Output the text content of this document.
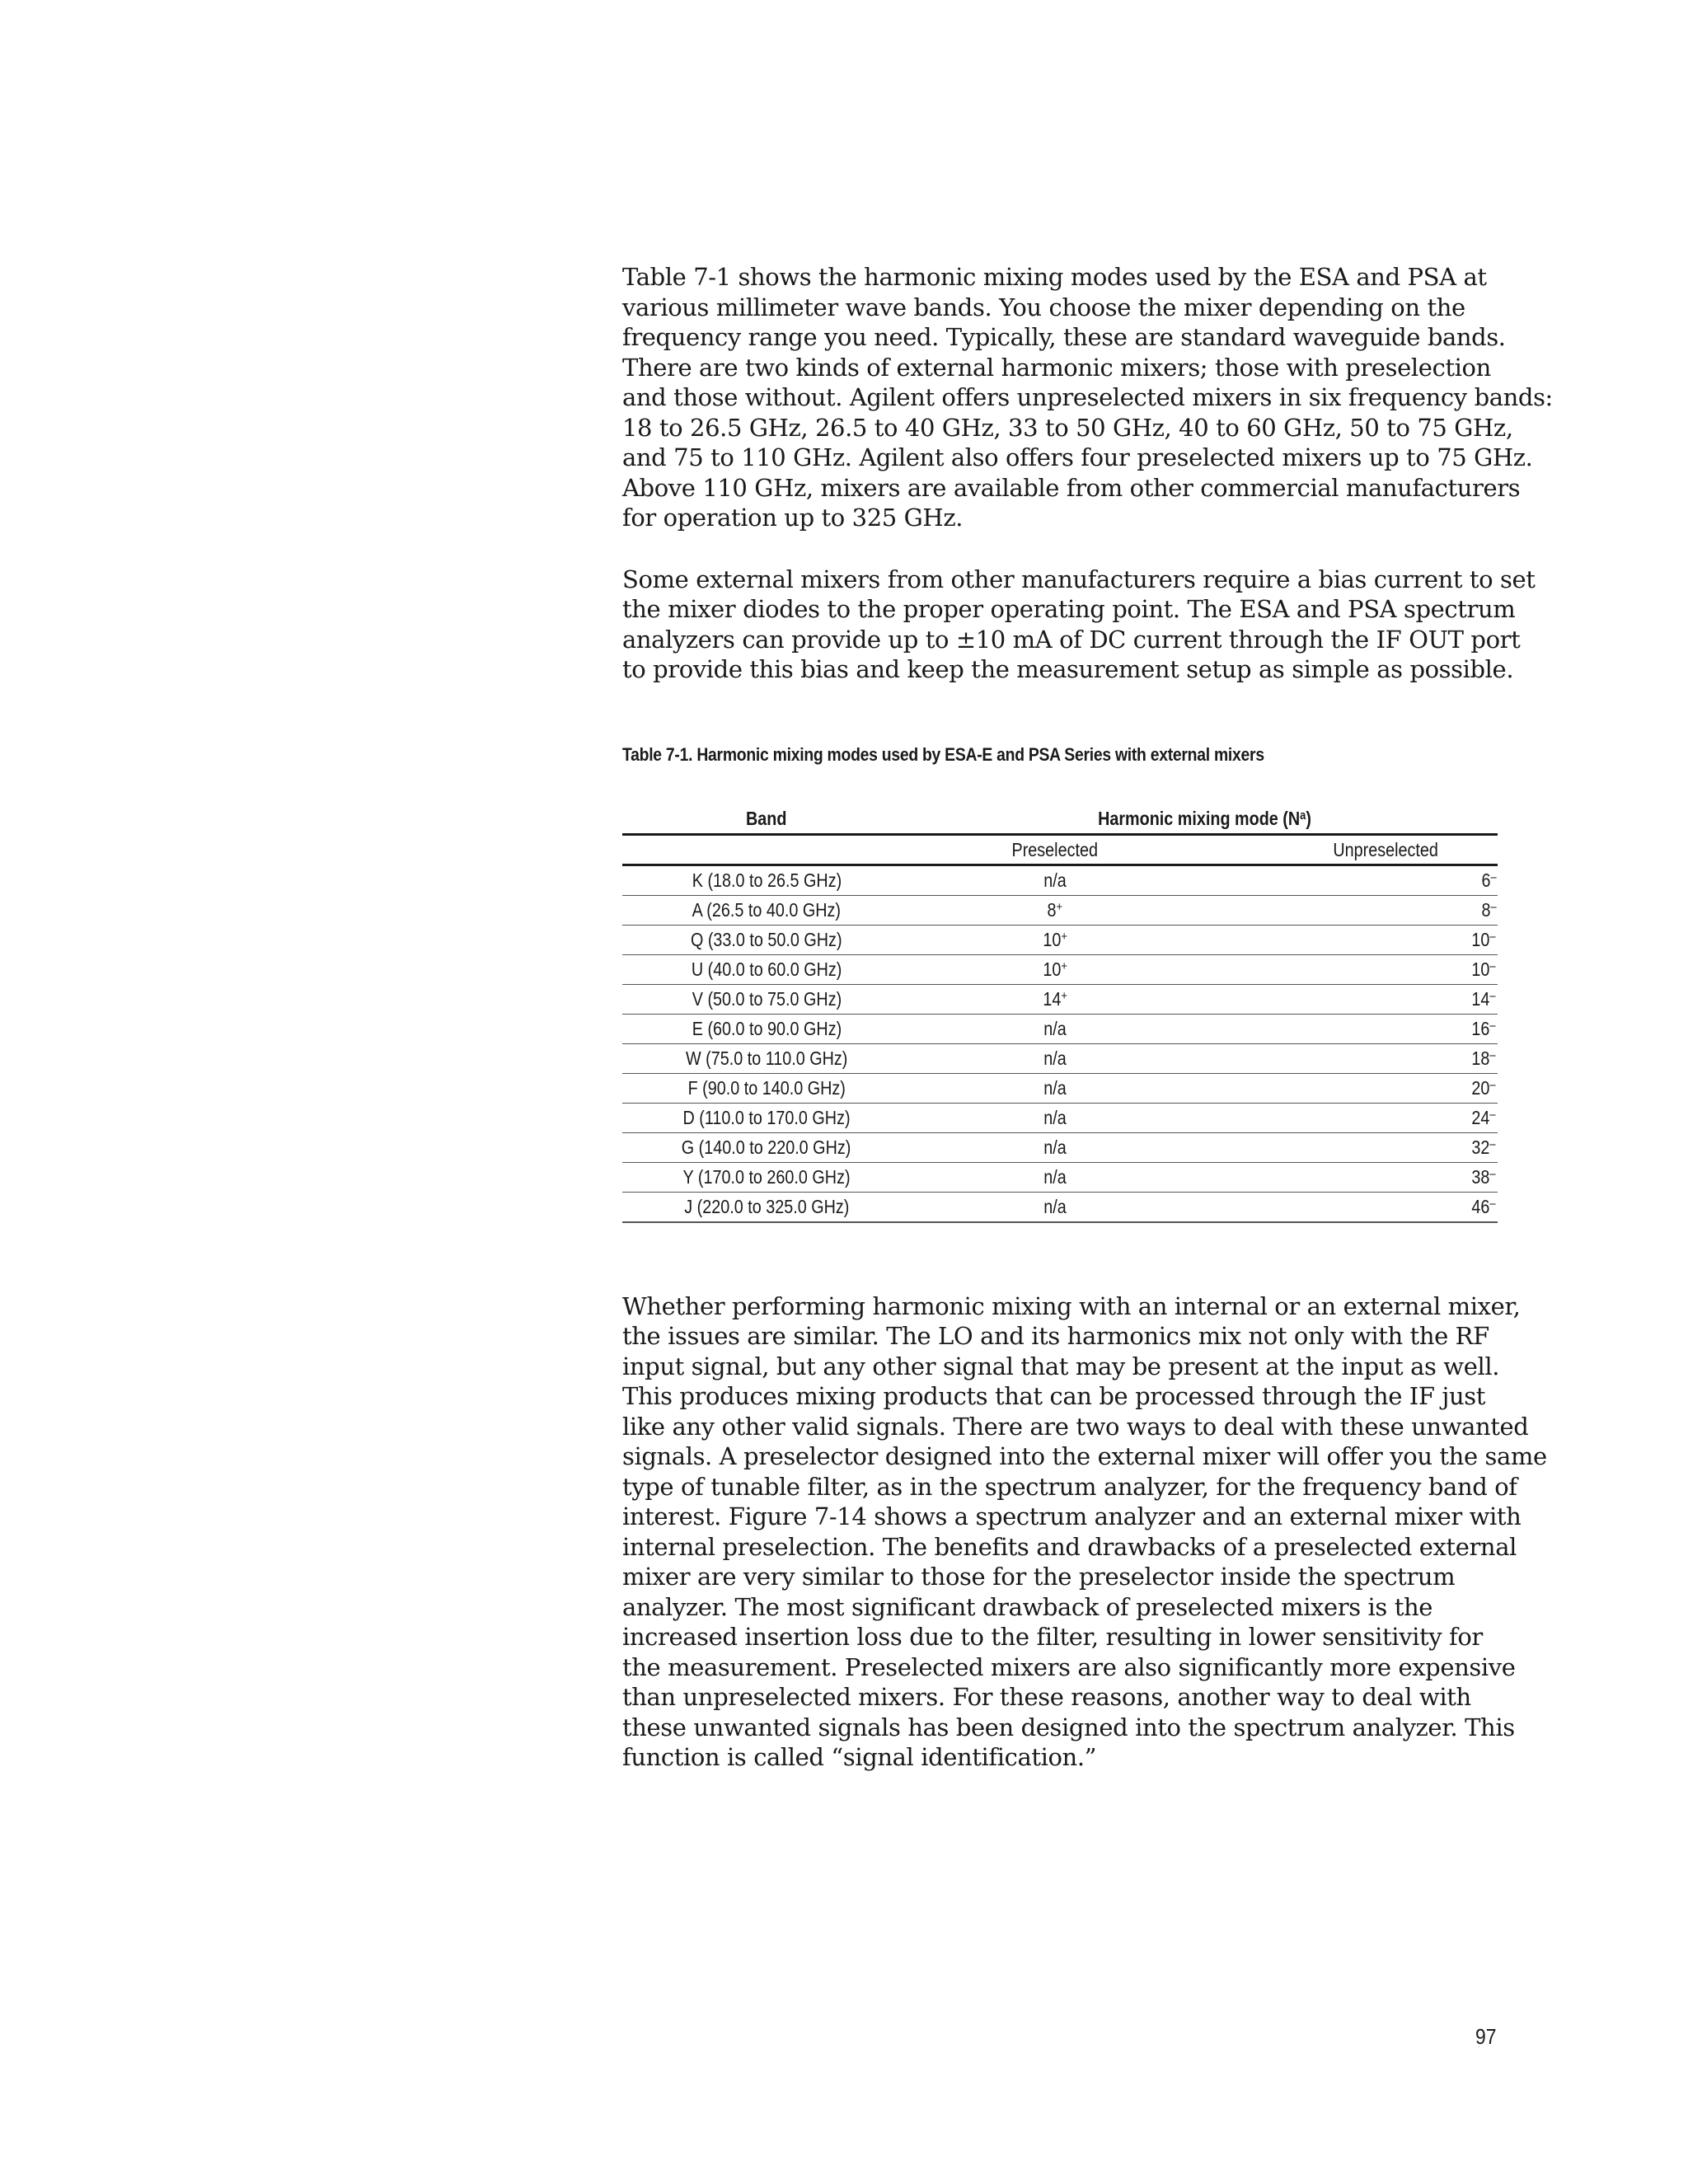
Table 7-1 shows the harmonic mixing modes used by the ESA and PSA at
various millimeter wave bands. You choose the mixer depending on the
frequency range you need. Typically, these are standard waveguide bands.
There are two kinds of external harmonic mixers; those with preselection
and those without. Agilent offers unpreselected mixers in six frequency bands:
18 to 26.5 GHz, 26.5 to 40 GHz, 33 to 50 GHz, 40 to 60 GHz, 50 to 75 GHz,
and 75 to 110 GHz. Agilent also offers four preselected mixers up to 75 GHz.
Above 110 GHz, mixers are available from other commercial manufacturers
for operation up to 325 GHz.

Some external mixers from other manufacturers require a bias current to set
the mixer diodes to the proper operating point. The ESA and PSA spectrum
analyzers can provide up to ±10 mA of DC current through the IF OUT port
to provide this bias and keep the measurement setup as simple as possible.

Table 7-1. Harmonic mixing modes used by ESA-E and PSA Series with external mixers
Band	Harmonic mixing mode $(N^a)$	
	Preselected	Unpreselected
K (18.0 to 26.5 GHz)	n/a	6–
A (26.5 to 40.0 GHz)	8+	8–
Q (33.0 to 50.0 GHz)	10+	10–
U (40.0 to 60.0 GHz)	10+	10–
V (50.0 to 75.0 GHz)	14+	14–
E (60.0 to 90.0 GHz)	n/a	16–
W (75.0 to 110.0 GHz)	n/a	18–
F (90.0 to 140.0 GHz)	n/a	20–
D (110.0 to 170.0 GHz)	n/a	24–
G (140.0 to 220.0 GHz)	n/a	32–
Y (170.0 to 260.0 GHz)	n/a	38–
J (220.0 to 325.0 GHz)	n/a	46–

Whether performing harmonic mixing with an internal or an external mixer,
the issues are similar. The LO and its harmonics mix not only with the RF
input signal, but any other signal that may be present at the input as well.
This produces mixing products that can be processed through the IF just
like any other valid signals. There are two ways to deal with these unwanted
signals. A preselector designed into the external mixer will offer you the same
type of tunable filter, as in the spectrum analyzer, for the frequency band of
interest. Figure 7-14 shows a spectrum analyzer and an external mixer with
internal preselection. The benefits and drawbacks of a preselected external
mixer are very similar to those for the preselector inside the spectrum
analyzer. The most significant drawback of preselected mixers is the
increased insertion loss due to the filter, resulting in lower sensitivity for
the measurement. Preselected mixers are also significantly more expensive
than unpreselected mixers. For these reasons, another way to deal with
these unwanted signals has been designed into the spectrum analyzer. This
function is called “signal identification.”

97
